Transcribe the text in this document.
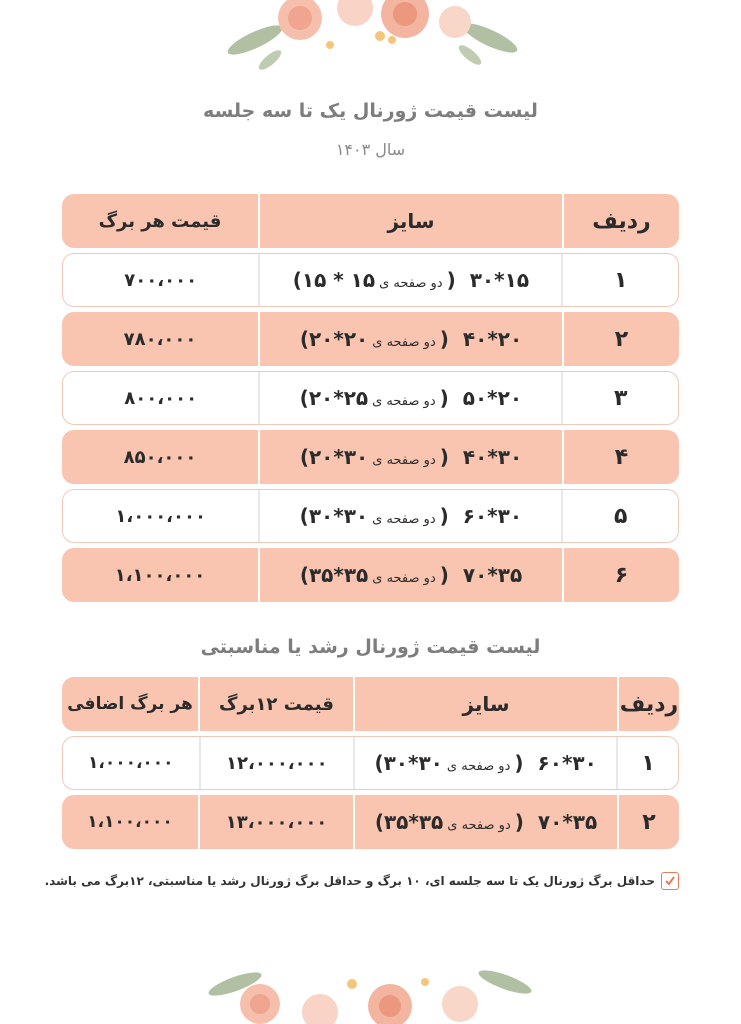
لیست قیمت ژورنال یک تا سه جلسه
سال ۱۴۰۳
ردیف
سایز
قیمت هر برگ
۱
۱۵*۳۰
(دو صفحه ی۱۵ * ۱۵)
۷۰۰،۰۰۰
۲
۲۰*۴۰
(دو صفحه ی۲۰*۲۰)
۷۸۰،۰۰۰
۳
۲۰*۵۰
(دو صفحه ی۲۵*۲۰)
۸۰۰،۰۰۰
۴
۳۰*۴۰
(دو صفحه ی۳۰*۲۰)
۸۵۰،۰۰۰
۵
۳۰*۶۰
(دو صفحه ی۳۰*۳۰)
۱،۰۰۰،۰۰۰
۶
۳۵*۷۰
(دو صفحه ی۳۵*۳۵)
۱،۱۰۰،۰۰۰
لیست قیمت ژورنال رشد یا مناسبتی
ردیف
سایز
قیمت ۱۲برگ
هر برگ اضافی
۱
۳۰*۶۰
(دو صفحه ی۳۰*۳۰)
۱۲،۰۰۰،۰۰۰
۱،۰۰۰،۰۰۰
۲
۳۵*۷۰
(دو صفحه ی۳۵*۳۵)
۱۳،۰۰۰،۰۰۰
۱،۱۰۰،۰۰۰
حداقل برگ ژورنال یک تا سه جلسه ای، ۱۰ برگ و حداقل برگ ژورنال رشد یا مناسبتی، ۱۲برگ می باشد.
